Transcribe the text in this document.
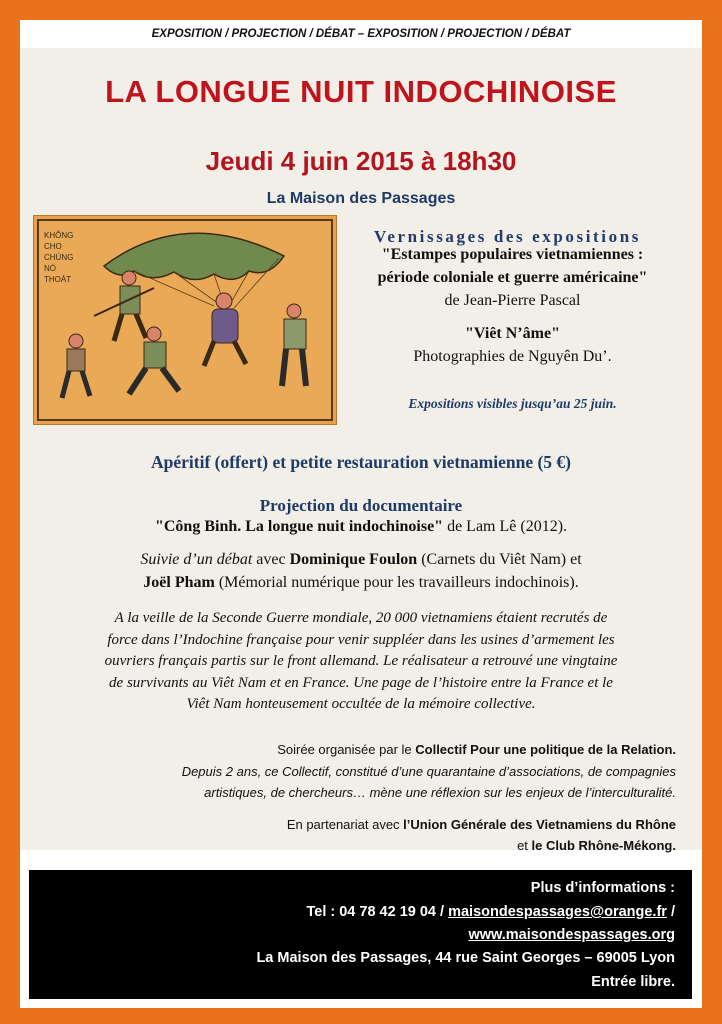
EXPOSITION / PROJECTION / DÉBAT – EXPOSITION / PROJECTION / DÉBAT
LA LONGUE NUIT INDOCHINOISE
Jeudi 4 juin 2015 à 18h30
La Maison des Passages
KHÔNG CHO CHÚNG NÓ THOÁT
Vernissages des expositions
"Estampes populaires vietnamiennes :
période coloniale et guerre américaine"
de Jean-Pierre Pascal
"Viêt N’âme"
Photographies de Nguyên Du’.
Expositions visibles jusqu’au 25 juin.
Apéritif (offert) et petite restauration vietnamienne (5 €)
Projection du documentaire
"Công Binh. La longue nuit indochinoise" de Lam Lê (2012).
Suivie d’un débat avec Dominique Foulon (Carnets du Viêt Nam) et
Joël Pham (Mémorial numérique pour les travailleurs indochinois).
A la veille de la Seconde Guerre mondiale, 20 000 vietnamiens étaient recrutés de
force dans l’Indochine française pour venir suppléer dans les usines d’armement les
ouvriers français partis sur le front allemand. Le réalisateur a retrouvé une vingtaine
de survivants au Viêt Nam et en France. Une page de l’histoire entre la France et le
Viêt Nam honteusement occultée de la mémoire collective.
Soirée organisée par le Collectif Pour une politique de la Relation.
Depuis 2 ans, ce Collectif, constitué d’une quarantaine d’associations, de compagnies
artistiques, de chercheurs… mène une réflexion sur les enjeux de l’interculturalité.
En partenariat avec l’Union Générale des Vietnamiens du Rhône
et le Club Rhône-Mékong.
Plus d’informations :
Tel : 04 78 42 19 04 / maisondespassages@orange.fr /
www.maisondespassages.org
La Maison des Passages, 44 rue Saint Georges – 69005 Lyon
Entrée libre.
